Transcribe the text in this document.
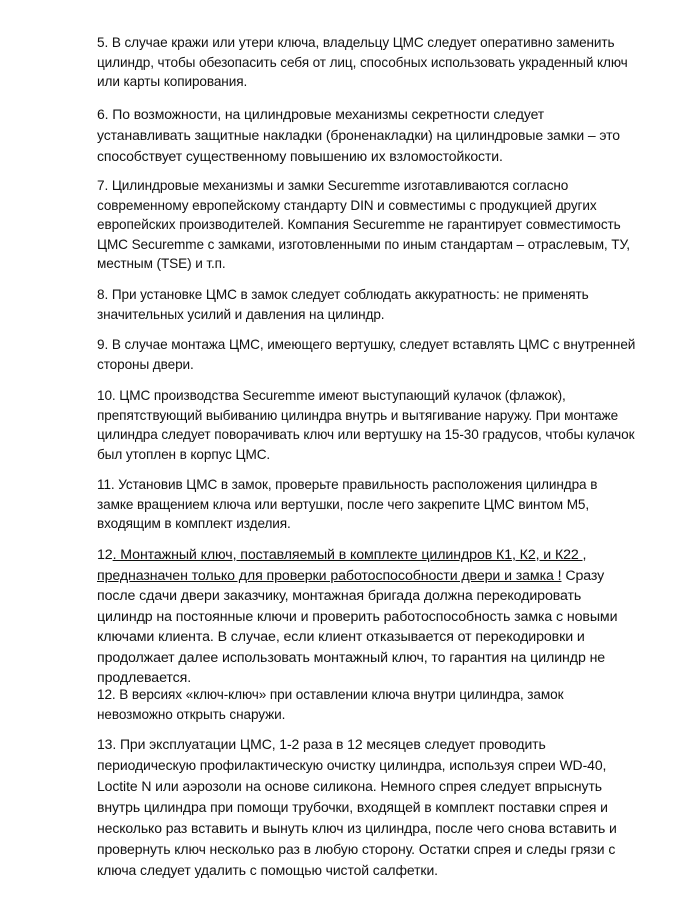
5. В случае кражи или утери ключа, владельцу ЦМС следует оперативно заменить цилиндр, чтобы обезопасить себя от лиц, способных использовать украденный ключ или карты копирования.

6. По возможности, на цилиндровые механизмы секретности следует устанавливать защитные накладки (броненакладки) на цилиндровые замки – это способствует существенному повышению их взломостойкости.

7. Цилиндровые механизмы и замки Securemme изготавливаются согласно современному европейскому стандарту DIN и совместимы с продукцией других европейских производителей. Компания Securemme не гарантирует совместимость ЦМС Securemme с замками, изготовленными по иным стандартам – отраслевым, ТУ, местным (TSE) и т.п.

8. При установке ЦМС в замок следует соблюдать аккуратность: не применять значительных усилий и давления на цилиндр.

9. В случае монтажа ЦМС, имеющего вертушку, следует вставлять ЦМС с внутренней стороны двери.

10. ЦМС производства Securemme имеют выступающий кулачок (флажок), препятствующий выбиванию цилиндра внутрь и вытягивание наружу. При монтаже цилиндра следует поворачивать ключ или вертушку на 15-30 градусов, чтобы кулачок был утоплен в корпус ЦМС.

11. Установив ЦМС в замок, проверьте правильность расположения цилиндра в замке вращением ключа или вертушки, после чего закрепите ЦМС винтом М5, входящим в комплект изделия.

12. Монтажный ключ, поставляемый в комплекте цилиндров К1, К2, и К22 , предназначен только для проверки работоспособности двери и замка ! Сразу после сдачи двери заказчику, монтажная бригада должна перекодировать цилиндр на постоянные ключи и проверить работоспособность замка с новыми ключами клиента. В случае, если клиент отказывается от перекодировки и продолжает далее использовать монтажный ключ, то гарантия на цилиндр не продлевается.

12. В версиях «ключ-ключ» при оставлении ключа внутри цилиндра, замок невозможно открыть снаружи.

13. При эксплуатации ЦМС, 1-2 раза в 12 месяцев следует проводить периодическую профилактическую очистку цилиндра, используя спреи WD-40, Loctite N или аэрозоли на основе силикона. Немного спрея следует впрыснуть внутрь цилиндра при помощи трубочки, входящей в комплект поставки спрея и несколько раз вставить и вынуть ключ из цилиндра, после чего снова вставить и провернуть ключ несколько раз в любую сторону. Остатки спрея и следы грязи с ключа следует удалить с помощью чистой салфетки.
